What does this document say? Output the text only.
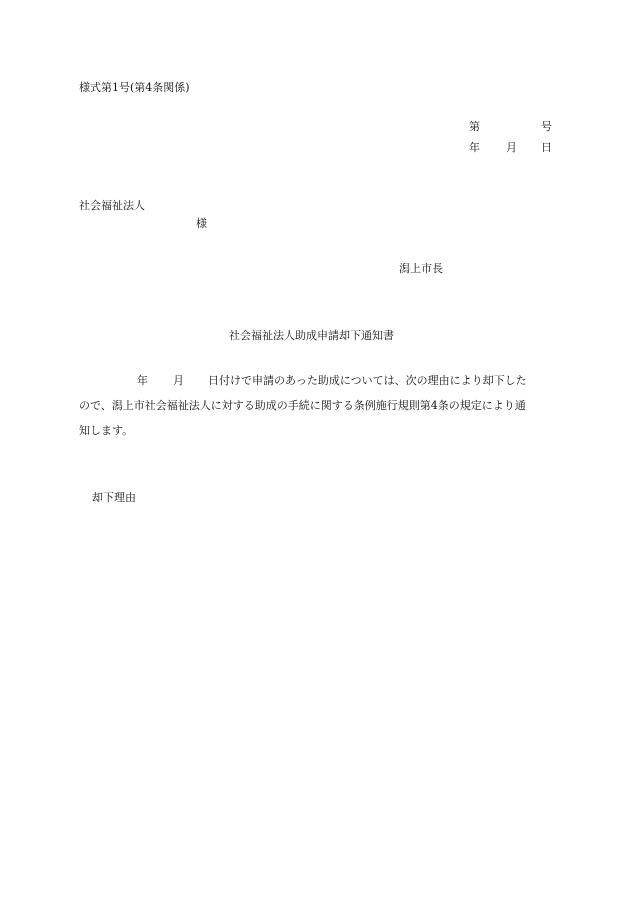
様式第1号(第4条関係)
第	号
年 月 日
社会福祉法人
様
潟上市長
社会福祉法人助成申請却下通知書
年 月 日付けで申請のあった助成については、次の理由により却下した
ので、潟上市社会福祉法人に対する助成の手続に関する条例施行規則第4条の規定により通
知します。
却下理由
